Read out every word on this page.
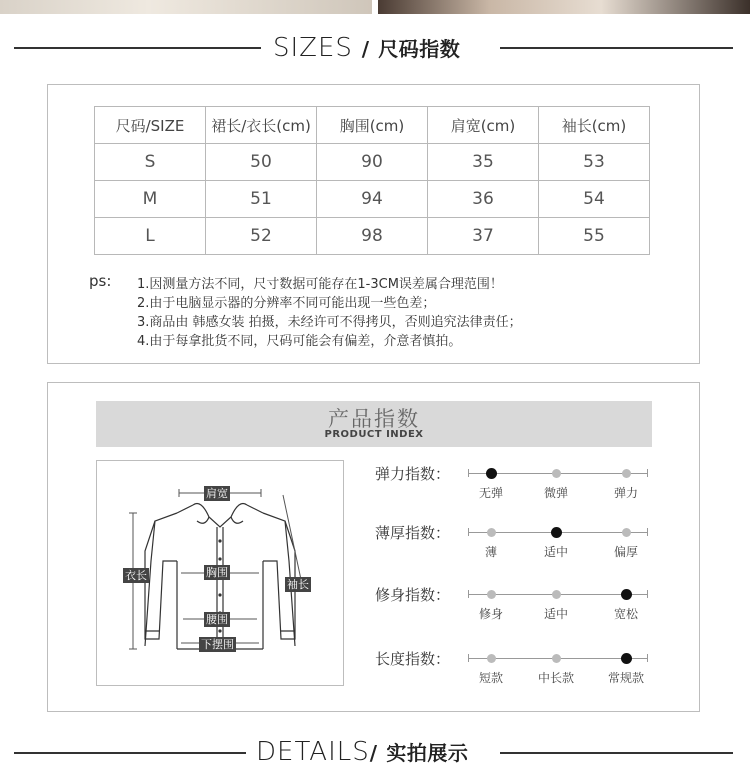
SIZES / 尺码指数
尺码/SIZE	裙长/衣长(cm)	胸围(cm)	肩宽(cm)	袖长(cm)
S	50	90	35	53
M	51	94	36	54
L	52	98	37	55
ps: 1.因测量方法不同，尺寸数据可能存在1-3CM误差属合理范围！
2.由于电脑显示器的分辨率不同可能出现一些色差；
3.商品由 韩感女装 拍摄，未经许可不得拷贝，否则追究法律责任；
4.由于每拿批货不同，尺码可能会有偏差，介意者慎拍。
产品指数
PRODUCT INDEX
肩宽
衣长	胸围
袖长
腰围
下摆围
弹力指数：
无弹	微弹	弹力
薄厚指数：
薄	适中	偏厚
修身指数：
修身	适中	宽松
长度指数：
短款	中长款	常规款
DETAILS/ 实拍展示
